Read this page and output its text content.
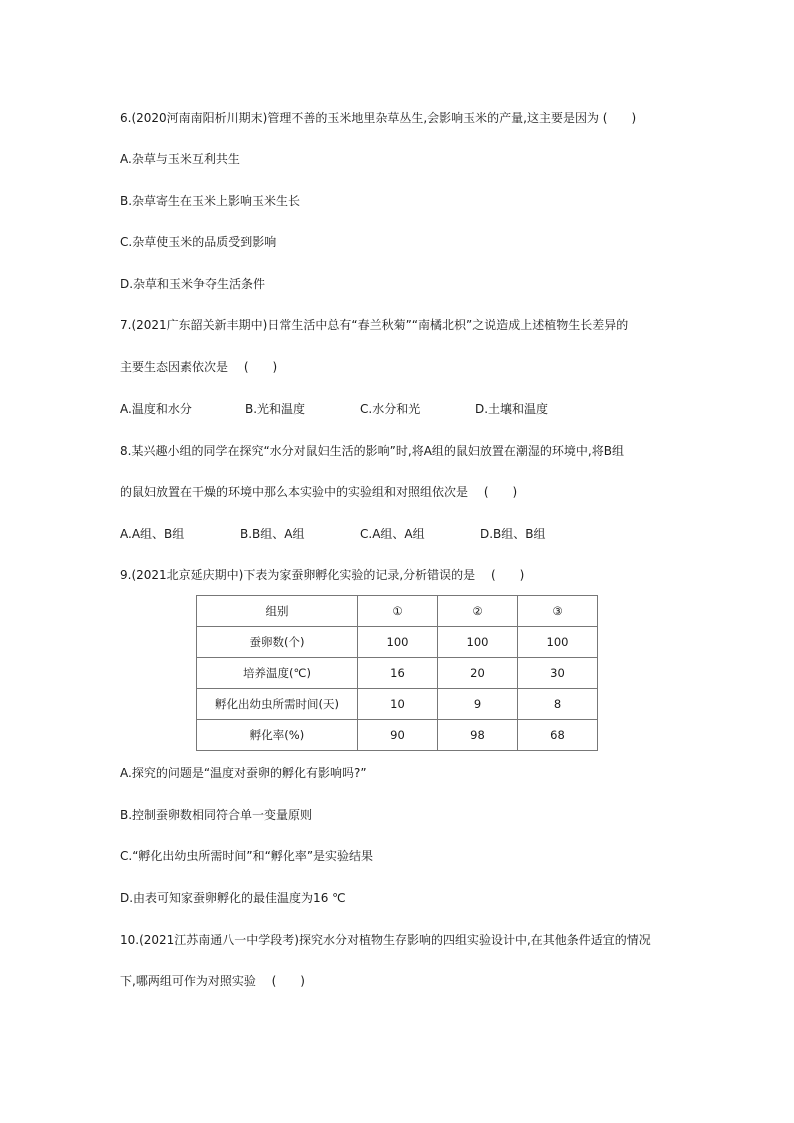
6.(2020河南南阳析川期末)管理不善的玉米地里杂草丛生,会影响玉米的产量,这主要是因为 (　　)
A.杂草与玉米互利共生
B.杂草寄生在玉米上影响玉米生长
C.杂草使玉米的品质受到影响
D.杂草和玉米争夺生活条件
7.(2021广东韶关新丰期中)日常生活中总有“春兰秋菊”“南橘北枳”之说造成上述植物生长差异的
主要生态因素依次是　 (　　)
A.温度和水分	B.光和温度	C.水分和光	D.土壤和温度
8.某兴趣小组的同学在探究“水分对鼠妇生活的影响”时,将A组的鼠妇放置在潮湿的环境中,将B组
的鼠妇放置在干燥的环境中那么本实验中的实验组和对照组依次是　 (　　)
A.A组、B组	B.B组、A组	C.A组、A组	D.B组、B组
9.(2021北京延庆期中)下表为家蚕卵孵化实验的记录,分析错误的是　 (　　)
组别	①	②	③
蚕卵数(个)	100	100	100
培养温度(℃)	16	20	30
孵化出幼虫所需时间(天)	10	9	8
孵化率(%)	90	98	68
A.探究的问题是“温度对蚕卵的孵化有影响吗?”
B.控制蚕卵数相同符合单一变量原则
C.“孵化出幼虫所需时间”和“孵化率”是实验结果
D.由表可知家蚕卵孵化的最佳温度为16 ℃
10.(2021江苏南通八一中学段考)探究水分对植物生存影响的四组实验设计中,在其他条件适宜的情况
下,哪两组可作为对照实验　 (　　)
